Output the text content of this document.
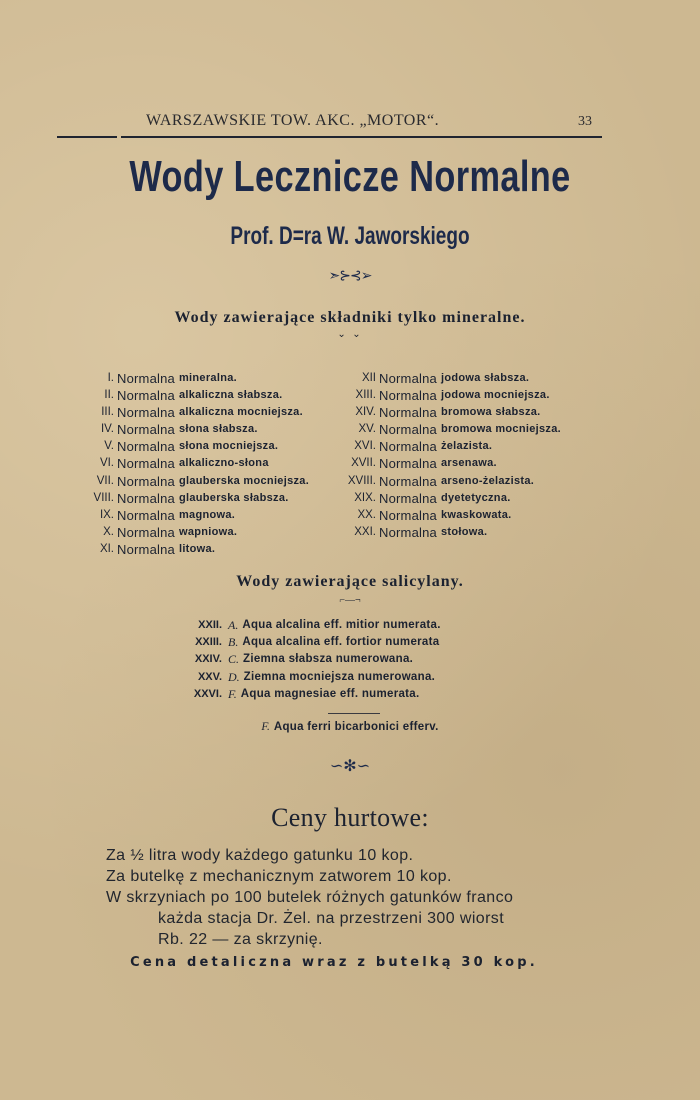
WARSZAWSKIE TOW. AKC. „MOTOR“.	33
Wody Lecznicze Normalne
Prof. D=ra W. Jaworskiego
➣⊱⊰➢
Wody zawierające składniki tylko mineralne.
⌄ ⌄
I. Normalna mineralna.
II. Normalna alkaliczna słabsza.
III. Normalna alkaliczna mocniejsza.
IV. Normalna słona słabsza.
V. Normalna słona mocniejsza.
VI. Normalna alkaliczno-słona
VII. Normalna glauberska mocniejsza.
VIII. Normalna glauberska słabsza.
IX. Normalna magnowa.
X. Normalna wapniowa.
XI. Normalna litowa.
XII Normalna jodowa słabsza.
XIII. Normalna jodowa mocniejsza.
XIV. Normalna bromowa słabsza.
XV. Normalna bromowa mocniejsza.
XVI. Normalna żelazista.
XVII. Normalna arsenawa.
XVIII. Normalna arseno-żelazista.
XIX. Normalna dyetetyczna.
XX. Normalna kwaskowata.
XXI. Normalna stołowa.
Wody zawierające salicylany.
⌐—¬
XXII. A. Aqua alcalina eff. mitior numerata.
XXIII. B. Aqua alcalina eff. fortior numerata
XXIV. C. Ziemna słabsza numerowana.
XXV. D. Ziemna mocniejsza numerowana.
XXVI. F. Aqua magnesiae eff. numerata.
F. Aqua ferri bicarbonici efferv.
∽✻∽
Ceny hurtowe:
Za ½ litra wody każdego gatunku 10 kop.
Za butelkę z mechanicznym zatworem 10 kop.
W skrzyniach po 100 butelek różnych gatunków franco
każda stacja Dr. Żel. na przestrzeni 300 wiorst
Rb. 22 — za skrzynię.
Cena detaliczna wraz z butelką 30 kop.
